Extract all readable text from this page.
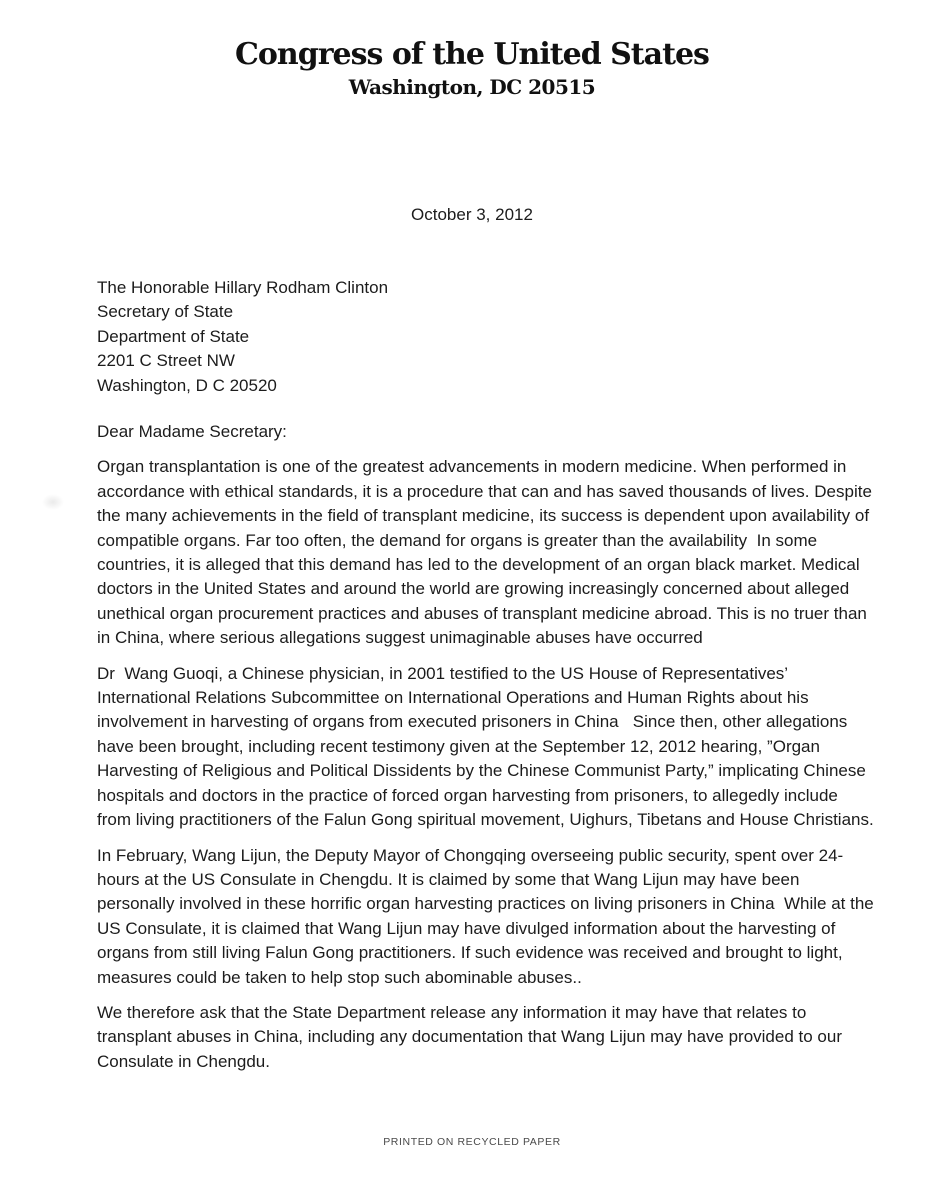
Congress of the United States
Washington, DC 20515
October 3, 2012
The Honorable Hillary Rodham Clinton
Secretary of State
Department of State
2201 C Street NW
Washington, D C 20520

Dear Madame Secretary:

Organ transplantation is one of the greatest advancements in modern medicine. When performed in accordance with ethical standards, it is a procedure that can and has saved thousands of lives. Despite the many achievements in the field of transplant medicine, its success is dependent upon availability of compatible organs. Far too often, the demand for organs is greater than the availability  In some countries, it is alleged that this demand has led to the development of an organ black market. Medical doctors in the United States and around the world are growing increasingly concerned about alleged unethical organ procurement practices and abuses of transplant medicine abroad. This is no truer than in China, where serious allegations suggest unimaginable abuses have occurred

Dr  Wang Guoqi, a Chinese physician, in 2001 testified to the US House of Representatives’ International Relations Subcommittee on International Operations and Human Rights about his involvement in harvesting of organs from executed prisoners in China   Since then, other allegations have been brought, including recent testimony given at the September 12, 2012 hearing, ”Organ Harvesting of Religious and Political Dissidents by the Chinese Communist Party,” implicating Chinese hospitals and doctors in the practice of forced organ harvesting from prisoners, to allegedly include from living practitioners of the Falun Gong spiritual movement, Uighurs, Tibetans and House Christians.

In February, Wang Lijun, the Deputy Mayor of Chongqing overseeing public security, spent over 24-hours at the US Consulate in Chengdu. It is claimed by some that Wang Lijun may have been personally involved in these horrific organ harvesting practices on living prisoners in China  While at the US Consulate, it is claimed that Wang Lijun may have divulged information about the harvesting of organs from still living Falun Gong practitioners. If such evidence was received and brought to light, measures could be taken to help stop such abominable abuses..

We therefore ask that the State Department release any information it may have that relates to transplant abuses in China, including any documentation that Wang Lijun may have provided to our Consulate in Chengdu.

PRINTED ON RECYCLED PAPER
